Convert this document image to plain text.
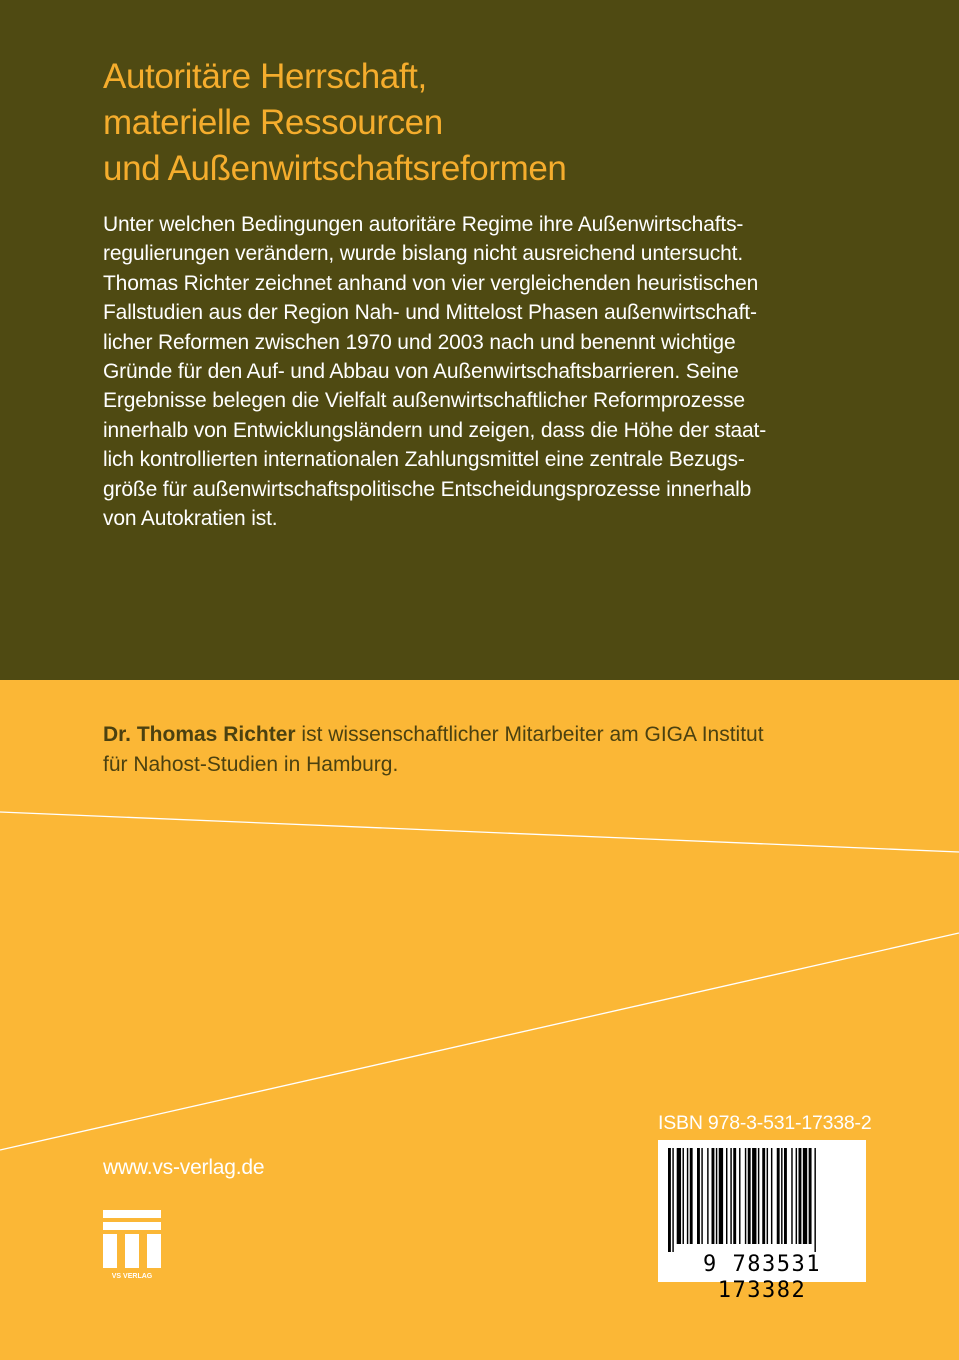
Autoritäre Herrschaft,
materielle Ressourcen
und Außenwirtschaftsreformen

Unter welchen Bedingungen autoritäre Regime ihre Außenwirtschafts-
regulierungen verändern, wurde bislang nicht ausreichend untersucht.
Thomas Richter zeichnet anhand von vier vergleichenden heuristischen
Fallstudien aus der Region Nah- und Mittelost Phasen außenwirtschaft-
licher Reformen zwischen 1970 und 2003 nach und benennt wichtige
Gründe für den Auf- und Abbau von Außenwirtschaftsbarrieren. Seine
Ergebnisse belegen die Vielfalt außenwirtschaftlicher Reformprozesse
innerhalb von Entwicklungsländern und zeigen, dass die Höhe der staat-
lich kontrollierten internationalen Zahlungsmittel eine zentrale Bezugs-
größe für außenwirtschaftspolitische Entscheidungsprozesse innerhalb
von Autokratien ist.

Dr. Thomas Richter ist wissenschaftlicher Mitarbeiter am GIGA Institut
für Nahost-Studien in Hamburg.

www.vs-verlag.de
ISBN 978-3-531-17338-2
9 783531 173382
VS VERLAG
